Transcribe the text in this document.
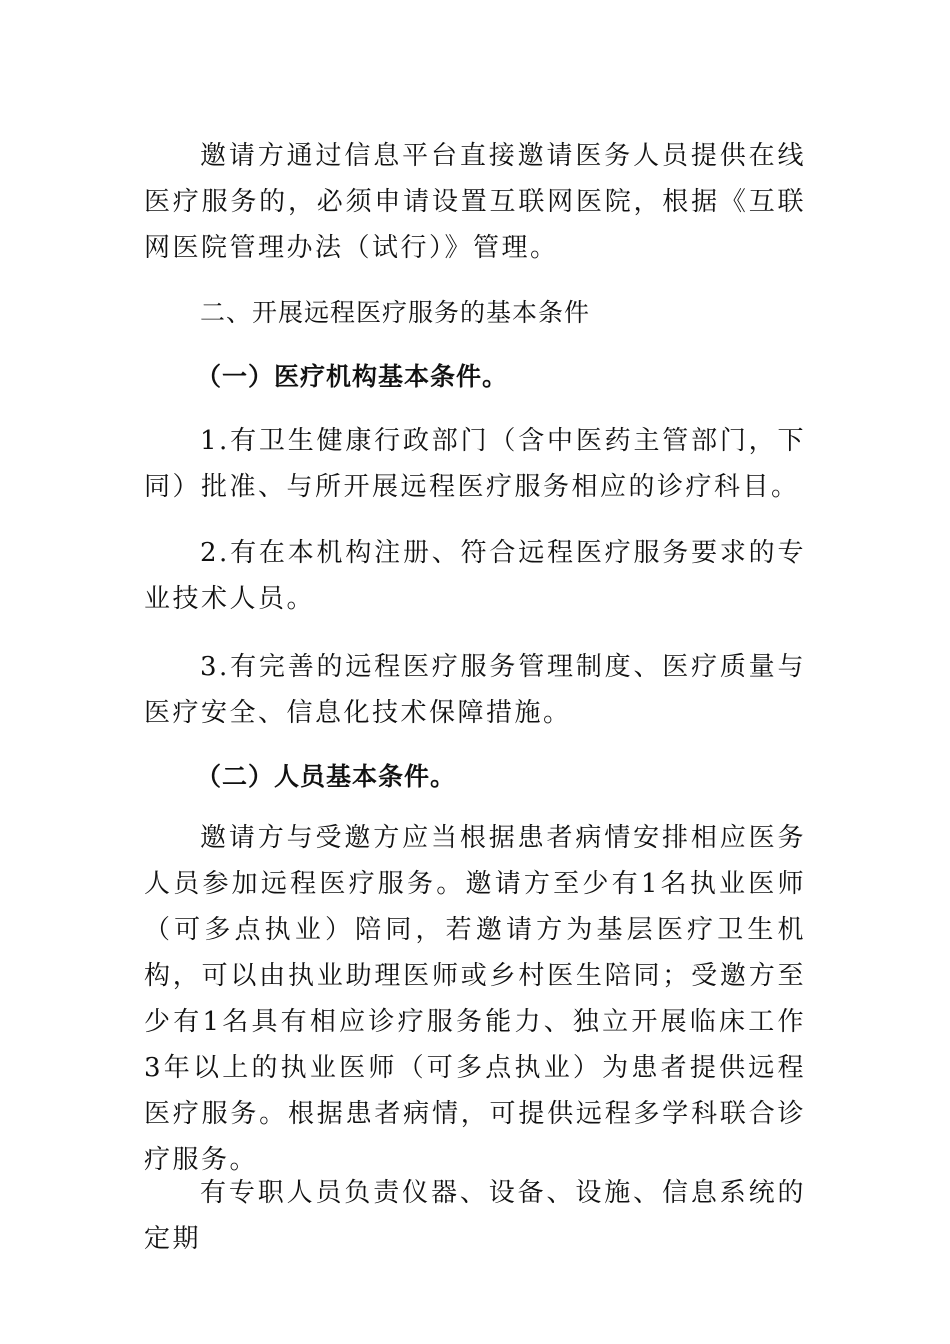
邀请方通过信息平台直接邀请医务人员提供在线医疗服务的，必须申请设置互联网医院，根据《互联网医院管理办法（试行）》管理。

二、开展远程医疗服务的基本条件

（一）医疗机构基本条件。

1.有卫生健康行政部门（含中医药主管部门，下同）批准、与所开展远程医疗服务相应的诊疗科目。

2.有在本机构注册、符合远程医疗服务要求的专业技术人员。

3.有完善的远程医疗服务管理制度、医疗质量与医疗安全、信息化技术保障措施。

（二）人员基本条件。

邀请方与受邀方应当根据患者病情安排相应医务人员参加远程医疗服务。邀请方至少有1名执业医师（可多点执业）陪同，若邀请方为基层医疗卫生机构，可以由执业助理医师或乡村医生陪同；受邀方至少有1名具有相应诊疗服务能力、独立开展临床工作3年以上的执业医师（可多点执业）为患者提供远程医疗服务。根据患者病情，可提供远程多学科联合诊疗服务。

有专职人员负责仪器、设备、设施、信息系统的定期
